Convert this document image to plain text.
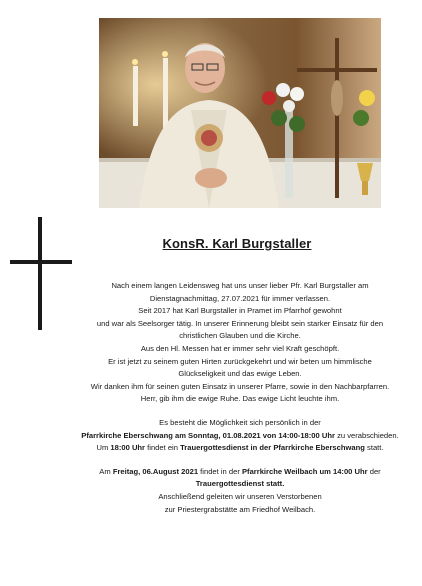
KonsR. Karl Burgstaller
Nach einem langen Leidensweg hat uns unser lieber Pfr. Karl Burgstaller am
Dienstagnachmittag, 27.07.2021 für immer verlassen.
Seit 2017 hat Karl Burgstaller in Pramet im Pfarrhof gewohnt
und war als Seelsorger tätig. In unserer Erinnerung bleibt sein starker Einsatz für den
christlichen Glauben und die Kirche.
Aus den Hl. Messen hat er immer sehr viel Kraft geschöpft.
Er ist jetzt zu seinem guten Hirten zurückgekehrt und wir beten um himmlische
Glückseligkeit und das ewige Leben.
Wir danken ihm für seinen guten Einsatz in unserer Pfarre, sowie in den Nachbarpfarren.
Herr, gib ihm die ewige Ruhe. Das ewige Licht leuchte ihm.
Es besteht die Möglichkeit sich persönlich in der
Pfarrkirche Eberschwang am Sonntag, 01.08.2021 von 14:00-18:00 Uhr zu verabschieden.
Um 18:00 Uhr findet ein Trauergottesdienst in der Pfarrkirche Eberschwang statt.
Am Freitag, 06.August 2021 findet in der Pfarrkirche Weilbach um 14:00 Uhr der
Trauergottesdienst statt.
Anschließend geleiten wir unseren Verstorbenen
zur Priestergrabstätte am Friedhof Weilbach.
